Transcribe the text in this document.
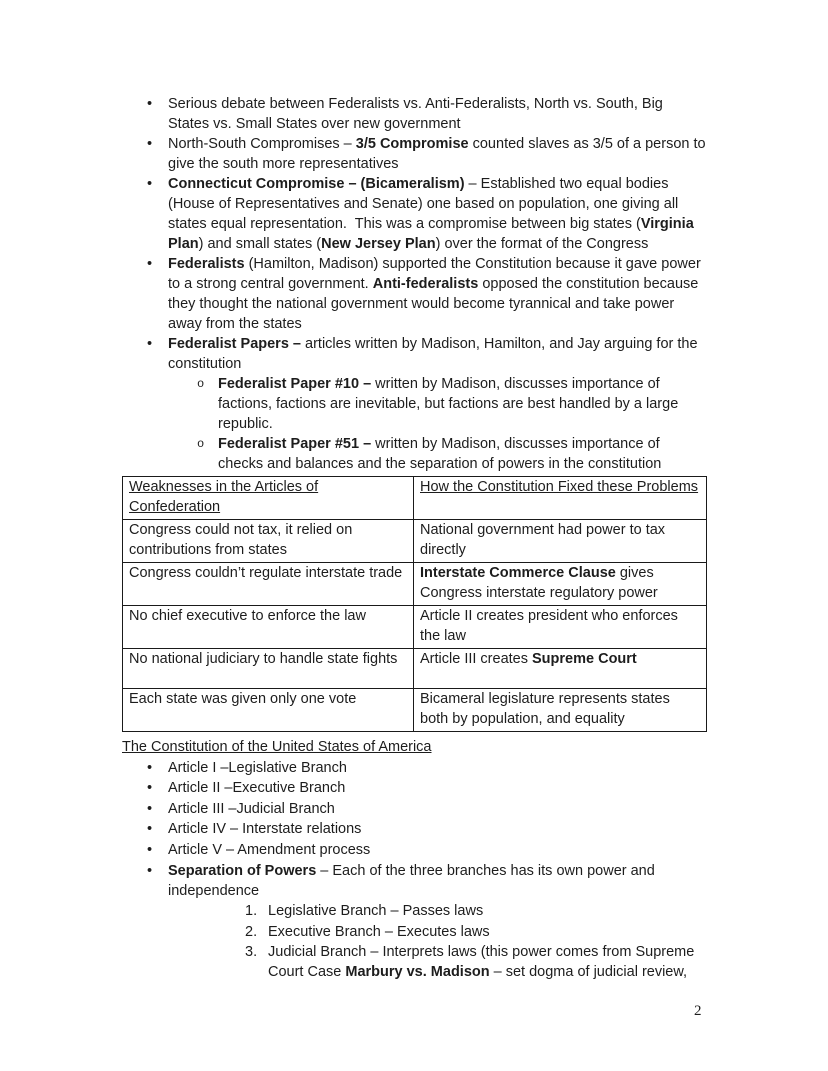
•	Serious debate between Federalists vs. Anti-Federalists, North vs. South, Big States vs. Small States over new government
•	North-South Compromises – 3/5 Compromise counted slaves as 3/5 of a person to give the south more representatives
•	Connecticut Compromise – (Bicameralism) – Established two equal bodies (House of Representatives and Senate) one based on population, one giving all states equal representation.  This was a compromise between big states (Virginia Plan) and small states (New Jersey Plan) over the format of the Congress
•	Federalists (Hamilton, Madison) supported the Constitution because it gave power to a strong central government. Anti-federalists opposed the constitution because they thought the national government would become tyrannical and take power away from the states
•	Federalist Papers – articles written by Madison, Hamilton, and Jay arguing for the constitution
o Federalist Paper #10 – written by Madison, discusses importance of factions, factions are inevitable, but factions are best handled by a large republic.
o Federalist Paper #51 – written by Madison, discusses importance of checks and balances and the separation of powers in the constitution
Weaknesses in the Articles of Confederation	How the Constitution Fixed these Problems
Congress could not tax, it relied on contributions from states	National government had power to tax directly
Congress couldn’t regulate interstate trade	Interstate Commerce Clause gives Congress interstate regulatory power
No chief executive to enforce the law	Article II creates president who enforces the law
No national judiciary to handle state fights	Article III creates Supreme Court
Each state was given only one vote	Bicameral legislature represents states both by population, and equality
The Constitution of the United States of America
•	Article I –Legislative Branch
•	Article II –Executive Branch
•	Article III –Judicial Branch
•	Article IV – Interstate relations
•	Article V – Amendment process
•	Separation of Powers – Each of the three branches has its own power and independence
1. Legislative Branch – Passes laws
2. Executive Branch – Executes laws
3. Judicial Branch – Interprets laws (this power comes from Supreme Court Case Marbury vs. Madison – set dogma of judicial review,
2
